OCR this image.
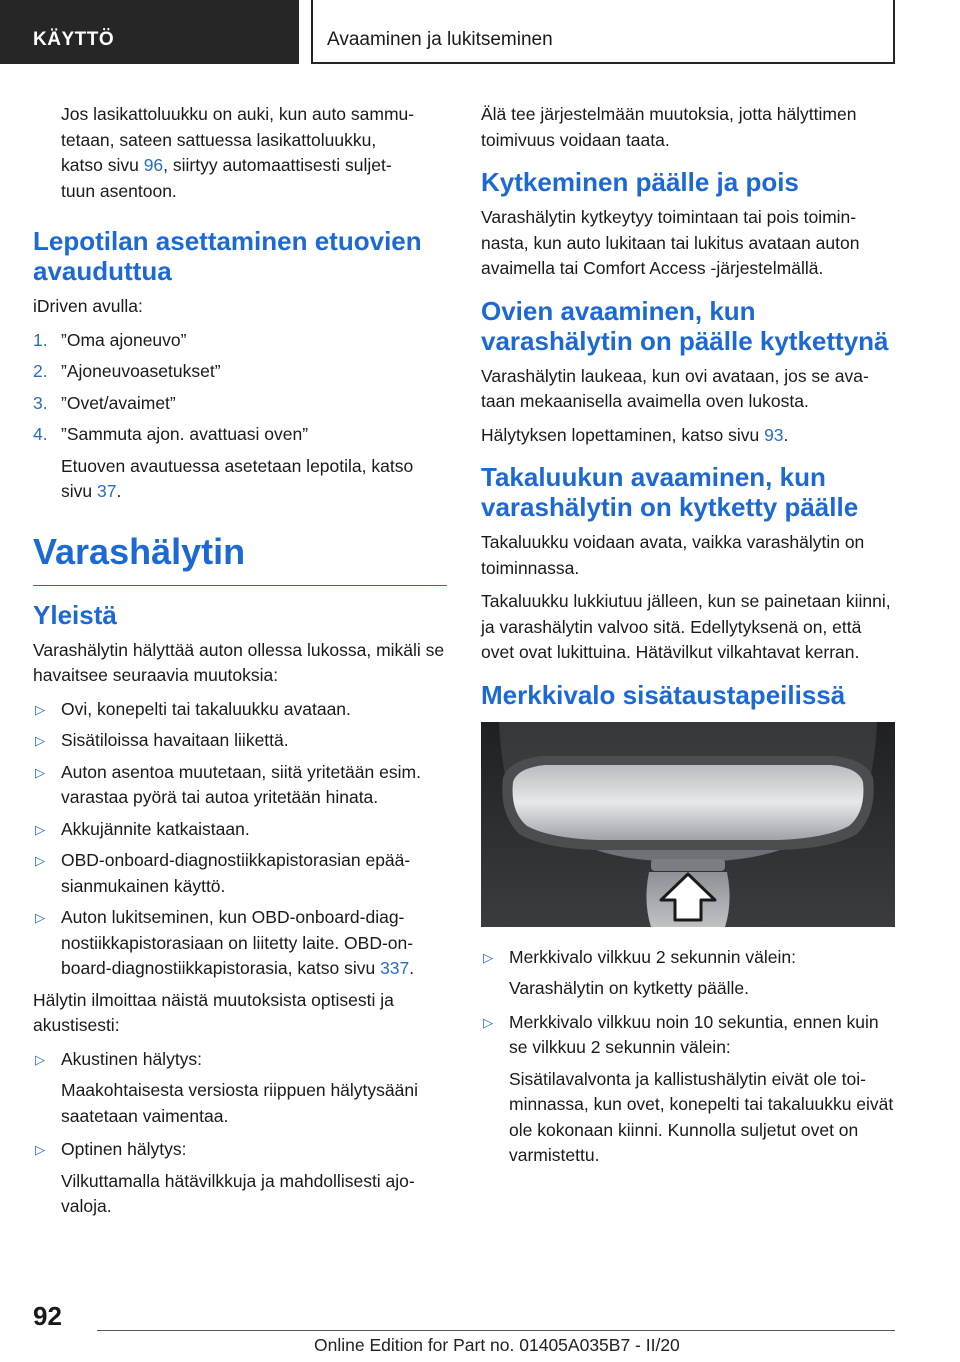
KÄYTTÖ	Avaaminen ja lukitseminen

Jos lasikattoluukku on auki, kun auto sammu-
tetaan, sateen sattuessa lasikattoluukku,
katso sivu 96, siirtyy automaattisesti suljet-
tuun asentoon.

Lepotilan asettaminen etuovien avauduttua

iDriven avulla:

1. ”Oma ajoneuvo”
2. ”Ajoneuvoasetukset”
3. ”Ovet/avaimet”
4. ”Sammuta ajon. avattuasi oven”

Etuoven avautuessa asetetaan lepotila, katso sivu 37.

Varashälytin
Yleistä

Varashälytin hälyttää auton ollessa lukossa, mikäli se havaitsee seuraavia muutoksia:

▷ Ovi, konepelti tai takaluukku avataan.
▷ Sisätiloissa havaitaan liikettä.
▷ Auton asentoa muutetaan, siitä yritetään esim. varastaa pyörä tai autoa yritetään hinata.
▷ Akkujännite katkaistaan.
▷ OBD-onboard-diagnostiikkapistorasian epää-sianmukainen käyttö.
▷ Auton lukitseminen, kun OBD-onboard-diag-nostiikkapistorasiaan on liitetty laite. OBD-on-board-diagnostiikkapistorasia, katso sivu 337.

Hälytin ilmoittaa näistä muutoksista optisesti ja akustisesti:

▷ Akustinen hälytys:

Maakohtaisesta versiosta riippuen hälytysääni saatetaan vaimentaa.

▷ Optinen hälytys:

Vilkuttamalla hätävilkkuja ja mahdollisesti ajo-valoja.

Älä tee järjestelmään muutoksia, jotta hälyttimen toimivuus voidaan taata.

Kytkeminen päälle ja pois

Varashälytin kytkeytyy toimintaan tai pois toimin-nasta, kun auto lukitaan tai lukitus avataan auton avaimella tai Comfort Access -järjestelmällä.

Ovien avaaminen, kun varashälytin on päälle kytkettynä

Varashälytin laukeaa, kun ovi avataan, jos se ava-taan mekaanisella avaimella oven lukosta.

Hälytyksen lopettaminen, katso sivu 93.

Takaluukun avaaminen, kun varashälytin on kytketty päälle

Takaluukku voidaan avata, vaikka varashälytin on toiminnassa.

Takaluukku lukkiutuu jälleen, kun se painetaan kiinni, ja varashälytin valvoo sitä. Edellytyksenä on, että ovet ovat lukittuina. Hätävilkut vilkahtavat kerran.

Merkkivalo sisätaustapeilissä
▷ Merkkivalo vilkkuu 2 sekunnin välein:

Varashälytin on kytketty päälle.

▷ Merkkivalo vilkkuu noin 10 sekuntia, ennen kuin se vilkkuu 2 sekunnin välein:

Sisätilavalvonta ja kallistushälytin eivät ole toi-minnassa, kun ovet, konepelti tai takaluukku eivät ole kokonaan kiinni. Kunnolla suljetut ovet on varmistettu.

92
Online Edition for Part no. 01405A035B7 - II/20
